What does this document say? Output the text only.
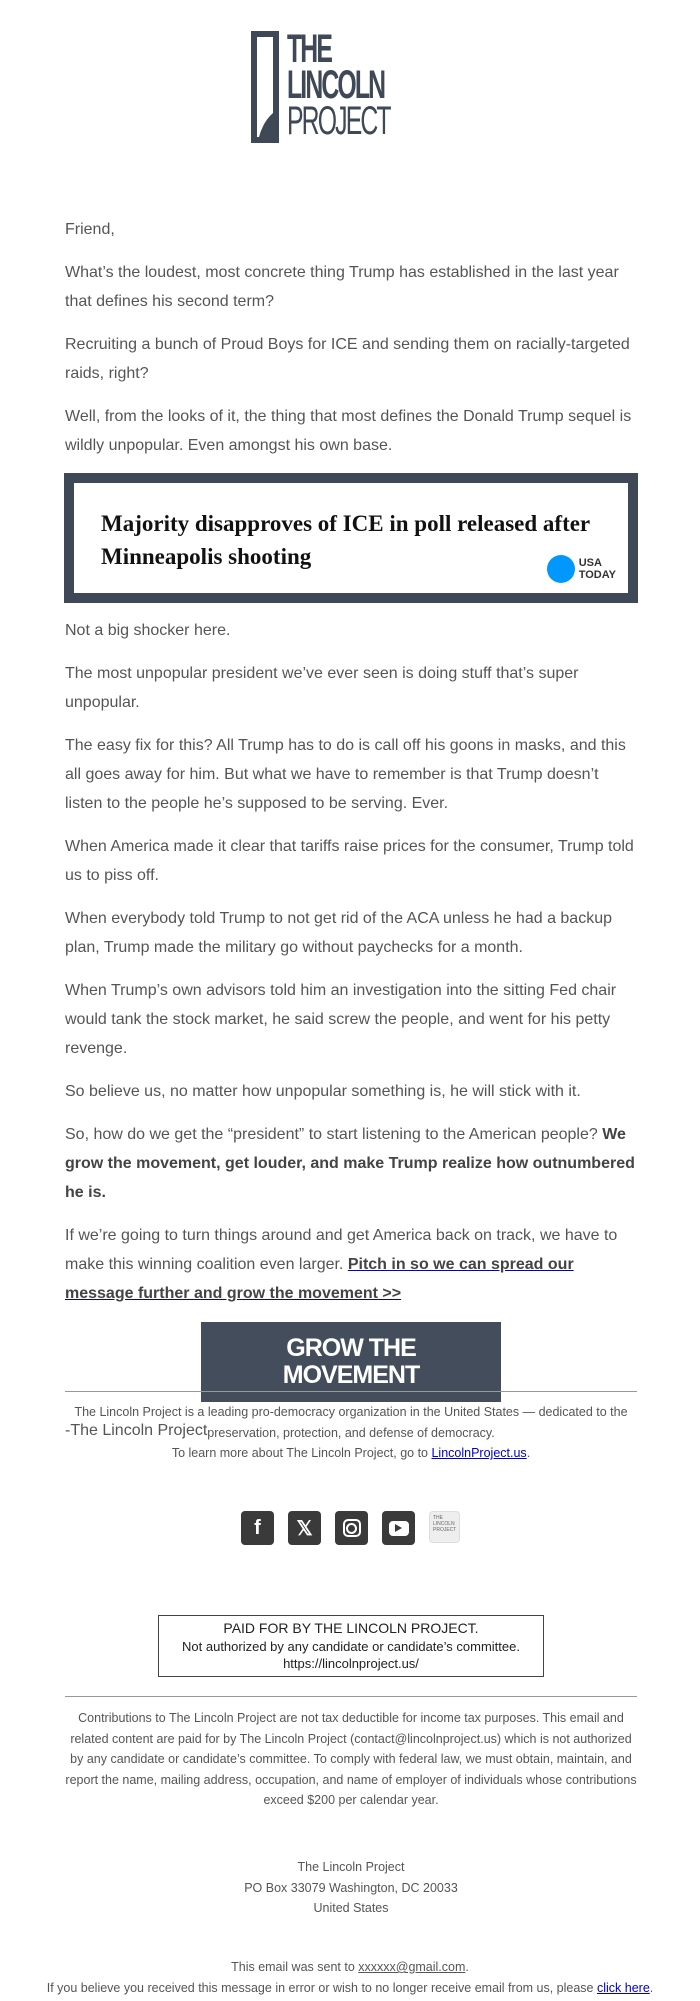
THE
LINCOLN
PROJECT

Friend,

What’s the loudest, most concrete thing Trump has established in the last year that defines his second term?

Recruiting a bunch of Proud Boys for ICE and sending them on racially-targeted raids, right?

Well, from the looks of it, the thing that most defines the Donald Trump sequel is wildly unpopular. Even amongst his own base.

Majority disapproves of ICE in poll released after Minneapolis shooting	USA
TODAY

Not a big shocker here.

The most unpopular president we’ve ever seen is doing stuff that’s super unpopular.

The easy fix for this? All Trump has to do is call off his goons in masks, and this all goes away for him. But what we have to remember is that Trump doesn’t listen to the people he’s supposed to be serving. Ever.

When America made it clear that tariffs raise prices for the consumer, Trump told us to piss off.

When everybody told Trump to not get rid of the ACA unless he had a backup plan, Trump made the military go without paychecks for a month.

When Trump’s own advisors told him an investigation into the sitting Fed chair would tank the stock market, he said screw the people, and went for his petty revenge.

So believe us, no matter how unpopular something is, he will stick with it.

So, how do we get the “president” to start listening to the American people? We grow the movement, get louder, and make Trump realize how outnumbered he is.

If we’re going to turn things around and get America back on track, we have to make this winning coalition even larger. Pitch in so we can spread our message further and grow the movement >>

GROW THE
MOVEMENT

-The Lincoln Project

The Lincoln Project is a leading pro-democracy organization in the United States — dedicated to the preservation, protection, and defense of democracy.
To learn more about The Lincoln Project, go to LincolnProject.us.
f	𝕏	THE
LINCOLN
PROJECT
PAID FOR BY THE LINCOLN PROJECT.
Not authorized by any candidate or candidate’s committee.
https://lincolnproject.us/
Contributions to The Lincoln Project are not tax deductible for income tax purposes. This email and related content are paid for by The Lincoln Project (contact@lincolnproject.us) which is not authorized by any candidate or candidate’s committee. To comply with federal law, we must obtain, maintain, and report the name, mailing address, occupation, and name of employer of individuals whose contributions exceed $200 per calendar year.
The Lincoln Project
PO Box 33079 Washington, DC 20033
United States
This email was sent to xxxxxx@gmail.com.
If you believe you received this message in error or wish to no longer receive email from us, please click here.
